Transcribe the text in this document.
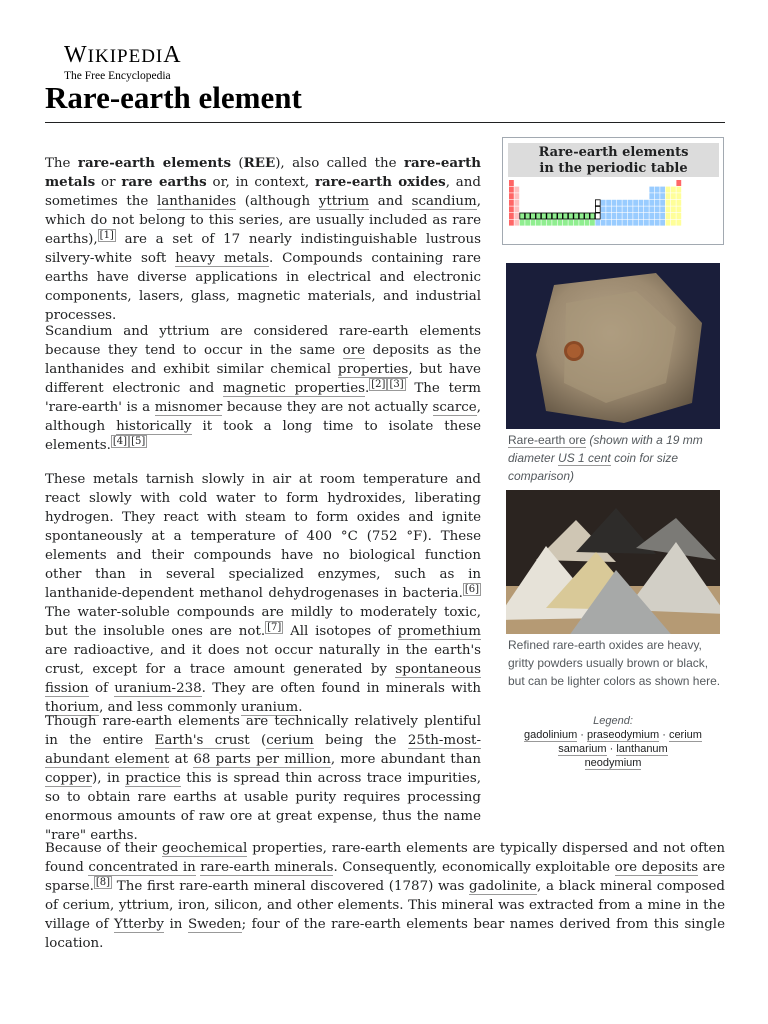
WIKIPEDIA
The Free Encyclopedia
Rare-earth element

The rare-earth elements (REE), also called the rare-earth metals or rare earths or, in context, rare-earth oxides, and sometimes the lanthanides (although yttrium and scandium, which do not belong to this series, are usually included as rare earths), [1] are a set of 17 nearly indistinguishable lustrous silvery-white soft heavy metals. Compounds containing rare earths have diverse applications in electrical and electronic components, lasers, glass, magnetic materials, and industrial processes.

Scandium and yttrium are considered rare-earth elements because they tend to occur in the same ore deposits as the lanthanides and exhibit similar chemical properties, but have different electronic and magnetic properties. [2] [3] The term 'rare-earth' is a misnomer because they are not actually scarce, although historically it took a long time to isolate these elements. [4] [5]

These metals tarnish slowly in air at room temperature and react slowly with cold water to form hydroxides, liberating hydrogen. They react with steam to form oxides and ignite spontaneously at a temperature of 400 °C (752 °F). These elements and their compounds have no biological function other than in several specialized enzymes, such as in lanthanide-dependent methanol dehydrogenases in bacteria. [6] The water-soluble compounds are mildly to moderately toxic, but the insoluble ones are not. [7] All isotopes of promethium are radioactive, and it does not occur naturally in the earth's crust, except for a trace amount generated by spontaneous fission of uranium-238. They are often found in minerals with thorium, and less commonly uranium.

Though rare-earth elements are technically relatively plentiful in the entire Earth's crust (cerium being the 25th-most-abundant element at 68 parts per million, more abundant than copper), in practice this is spread thin across trace impurities, so to obtain rare earths at usable purity requires processing enormous amounts of raw ore at great expense, thus the name "rare" earths.

Because of their geochemical properties, rare-earth elements are typically dispersed and not often found concentrated in rare-earth minerals. Consequently, economically exploitable ore deposits are sparse. [8] The first rare-earth mineral discovered (1787) was gadolinite, a black mineral composed of cerium, yttrium, iron, silicon, and other elements. This mineral was extracted from a mine in the village of Ytterby in Sweden; four of the rare-earth elements bear names derived from this single location.

Rare-earth elements
in the periodic table
Rare-earth ore (shown with a 19 mm diameter US 1 cent coin for size comparison)
Refined rare-earth oxides are heavy, gritty powders usually brown or black, but can be lighter colors as shown here.
Legend:
gadolinium · praseodymium · cerium
samarium · lanthanum
neodymium
